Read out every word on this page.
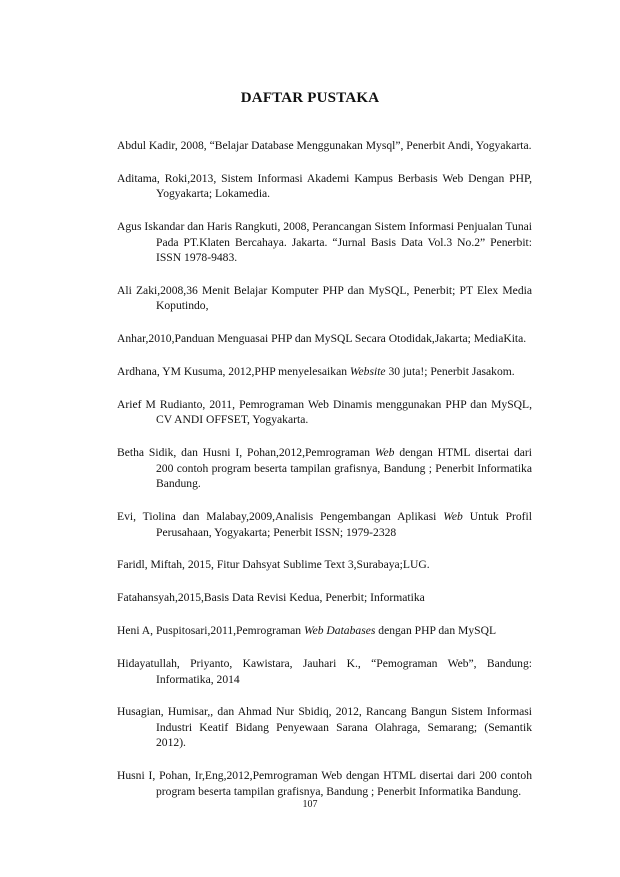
DAFTAR PUSTAKA
Abdul Kadir, 2008, “Belajar Database Menggunakan Mysql”, Penerbit Andi, Yogyakarta.
Aditama, Roki,2013, Sistem Informasi Akademi Kampus Berbasis Web Dengan PHP, Yogyakarta; Lokamedia.
Agus Iskandar dan Haris Rangkuti, 2008, Perancangan Sistem Informasi Penjualan Tunai Pada PT.Klaten Bercahaya. Jakarta. “Jurnal Basis Data Vol.3 No.2” Penerbit: ISSN 1978-9483.
Ali Zaki,2008,36 Menit Belajar Komputer PHP dan MySQL, Penerbit; PT Elex Media Koputindo,
Anhar,2010,Panduan Menguasai PHP dan MySQL Secara Otodidak,Jakarta; MediaKita.
Ardhana, YM Kusuma, 2012,PHP menyelesaikan Website 30 juta!; Penerbit Jasakom.
Arief M Rudianto, 2011, Pemrograman Web Dinamis menggunakan PHP dan MySQL, CV ANDI OFFSET, Yogyakarta.
Betha Sidik, dan Husni I, Pohan,2012,Pemrograman Web dengan HTML disertai dari 200 contoh program beserta tampilan grafisnya, Bandung ; Penerbit Informatika Bandung.
Evi, Tiolina dan Malabay,2009,Analisis Pengembangan Aplikasi Web Untuk Profil Perusahaan, Yogyakarta; Penerbit ISSN; 1979-2328
Faridl, Miftah, 2015, Fitur Dahsyat Sublime Text 3,Surabaya;LUG.
Fatahansyah,2015,Basis Data Revisi Kedua, Penerbit; Informatika
Heni A, Puspitosari,2011,Pemrograman Web Databases dengan PHP dan MySQL
Hidayatullah, Priyanto, Kawistara, Jauhari K., “Pemograman Web”, Bandung: Informatika, 2014
Husagian, Humisar,, dan Ahmad Nur Sbidiq, 2012, Rancang Bangun Sistem Informasi Industri Keatif Bidang Penyewaan Sarana Olahraga, Semarang; (Semantik 2012).
Husni I, Pohan, Ir,Eng,2012,Pemrograman Web dengan HTML disertai dari 200 contoh program beserta tampilan grafisnya, Bandung ; Penerbit Informatika Bandung.
107
